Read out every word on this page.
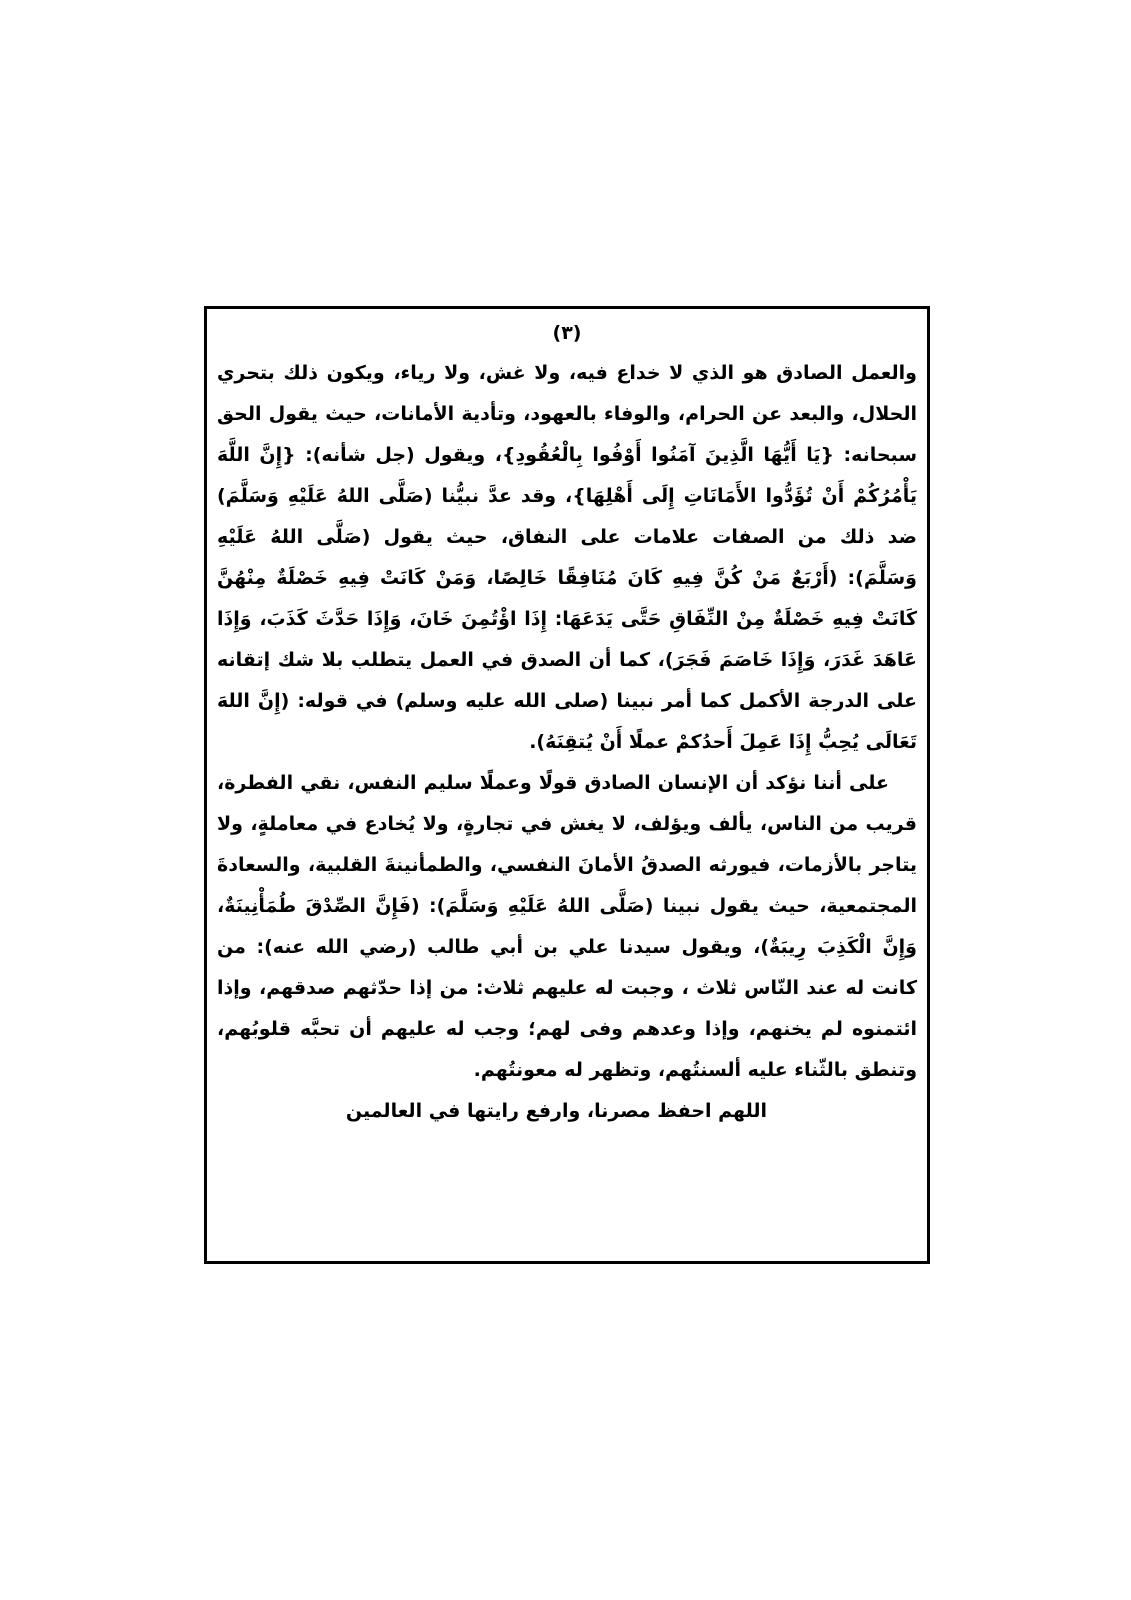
(٣)

والعمل الصادق هو الذي لا خداع فيه، ولا غش، ولا رياء، ويكون ذلك بتحري الحلال، والبعد عن الحرام، والوفاء بالعهود، وتأدية الأمانات، حيث يقول الحق سبحانه: {يَا أَيُّهَا الَّذِينَ آمَنُوا أَوْفُوا بِالْعُقُودِ}، ويقول (جل شأنه): {إِنَّ اللَّهَ يَأْمُرُكُمْ أَنْ تُؤَدُّوا الأَمَانَاتِ إِلَى أَهْلِهَا}، وقد عدَّ نبيُّنا (صَلَّى اللهُ عَلَيْهِ وَسَلَّمَ) ضد ذلك من الصفات علامات على النفاق، حيث يقول (صَلَّى اللهُ عَلَيْهِ وَسَلَّمَ): (أَرْبَعٌ مَنْ كُنَّ فِيهِ كَانَ مُنَافِقًا خَالِصًا، وَمَنْ كَانَتْ فِيهِ خَصْلَةٌ مِنْهُنَّ كَانَتْ فِيهِ خَصْلَةٌ مِنْ النِّفَاقِ حَتَّى يَدَعَهَا: إِذَا اؤْتُمِنَ خَانَ، وَإِذَا حَدَّثَ كَذَبَ، وَإِذَا عَاهَدَ غَدَرَ، وَإِذَا خَاصَمَ فَجَرَ)، كما أن الصدق في العمل يتطلب بلا شك إتقانه على الدرجة الأكمل كما أمر نبينا (صلى الله عليه وسلم) في قوله: (إِنَّ اللهَ تَعَالَى يُحِبُّ إِذَا عَمِلَ أَحدُكمْ عملًا أَنْ يُتقِنَهُ).

على أننا نؤكد أن الإنسان الصادق قولًا وعملًا سليم النفس، نقي الفطرة، قريب من الناس، يألف ويؤلف، لا يغش في تجارةٍ، ولا يُخادع في معاملةٍ، ولا يتاجر بالأزمات، فيورثه الصدقُ الأمانَ النفسي، والطمأنينةَ القلبية، والسعادةَ المجتمعية، حيث يقول نبينا (صَلَّى اللهُ عَلَيْهِ وَسَلَّمَ): (فَإِنَّ الصِّدْقَ طُمَأْنِينَةٌ، وَإِنَّ الْكَذِبَ رِيبَةٌ)، ويقول سيدنا علي بن أبي طالب (رضي الله عنه): من كانت له عند النّاس ثلاث ، وجبت له عليهم ثلاث: من إذا حدّثهم صدقهم، وإذا ائتمنوه لم يخنهم، وإذا وعدهم وفى لهم؛ وجب له عليهم أن تحبَّه قلوبُهم، وتنطق بالثّناء عليه ألسنتُهم، وتظهر له معونتُهم.

اللهم احفظ مصرنا، وارفع رايتها في العالمين
